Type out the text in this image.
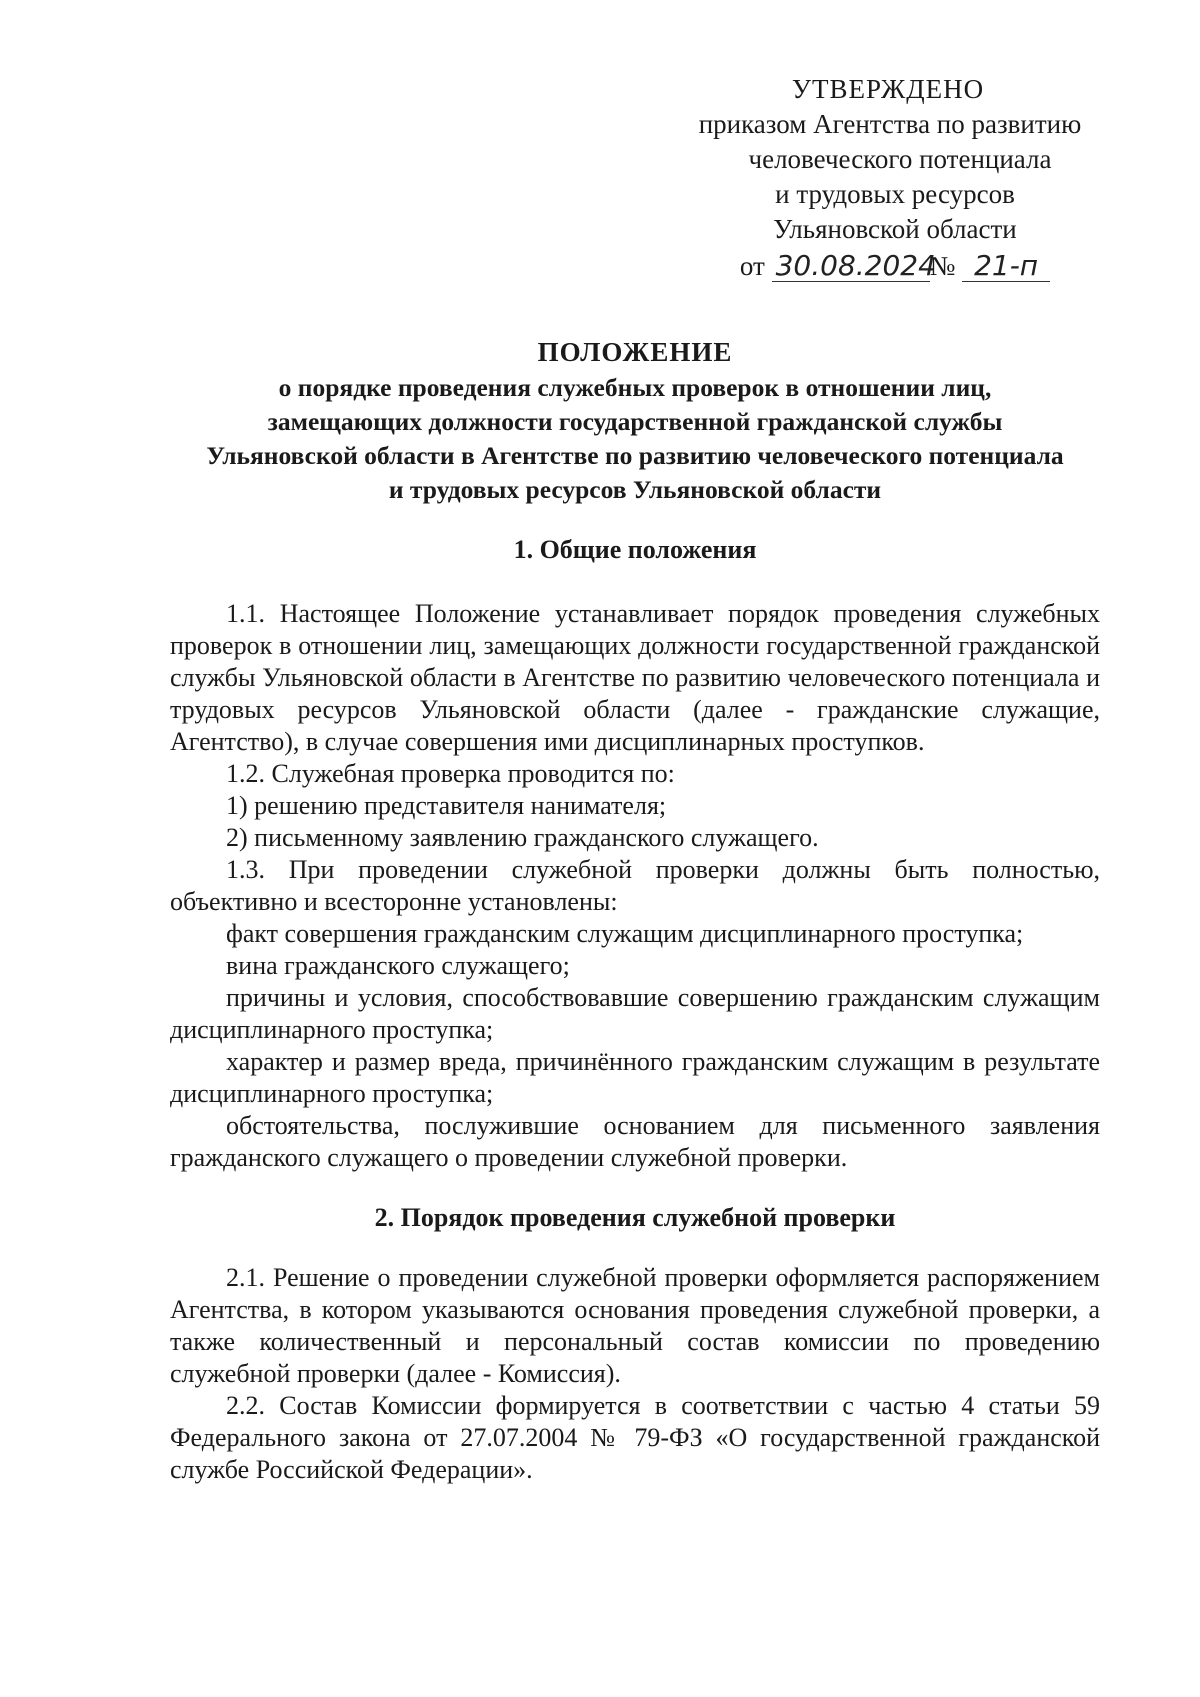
УТВЕРЖДЕНО
приказом Агентства по развитию
человеческого потенциала
и трудовых ресурсов
Ульяновской области
от 30.08.2024№ 21-п
ПОЛОЖЕНИЕ
о порядке проведения служебных проверок в отношении лиц,
замещающих должности государственной гражданской службы
Ульяновской области в Агентстве по развитию человеческого потенциала
и трудовых ресурсов Ульяновской области
1. Общие положения

1.1. Настоящее Положение устанавливает порядок проведения служебных проверок в отношении лиц, замещающих должности государственной гражданской службы Ульяновской области в Агентстве по развитию человеческого потенциала и трудовых ресурсов Ульяновской области (далее - гражданские служащие, Агентство), в случае совершения ими дисциплинарных проступков.

1.2. Служебная проверка проводится по:

1) решению представителя нанимателя;

2) письменному заявлению гражданского служащего.

1.3. При проведении служебной проверки должны быть полностью, объективно и всесторонне установлены:

факт совершения гражданским служащим дисциплинарного проступка;

вина гражданского служащего;

причины и условия, способствовавшие совершению гражданским служащим дисциплинарного проступка;

характер и размер вреда, причинённого гражданским служащим в результате дисциплинарного проступка;

обстоятельства, послужившие основанием для письменного заявления гражданского служащего о проведении служебной проверки.

2. Порядок проведения служебной проверки

2.1. Решение о проведении служебной проверки оформляется распоряжением Агентства, в котором указываются основания проведения служебной проверки, а также количественный и персональный состав комиссии по проведению служебной проверки (далее - Комиссия).

2.2. Состав Комиссии формируется в соответствии с частью 4 статьи 59 Федерального закона от 27.07.2004 № 79-ФЗ «О государственной гражданской службе Российской Федерации».
